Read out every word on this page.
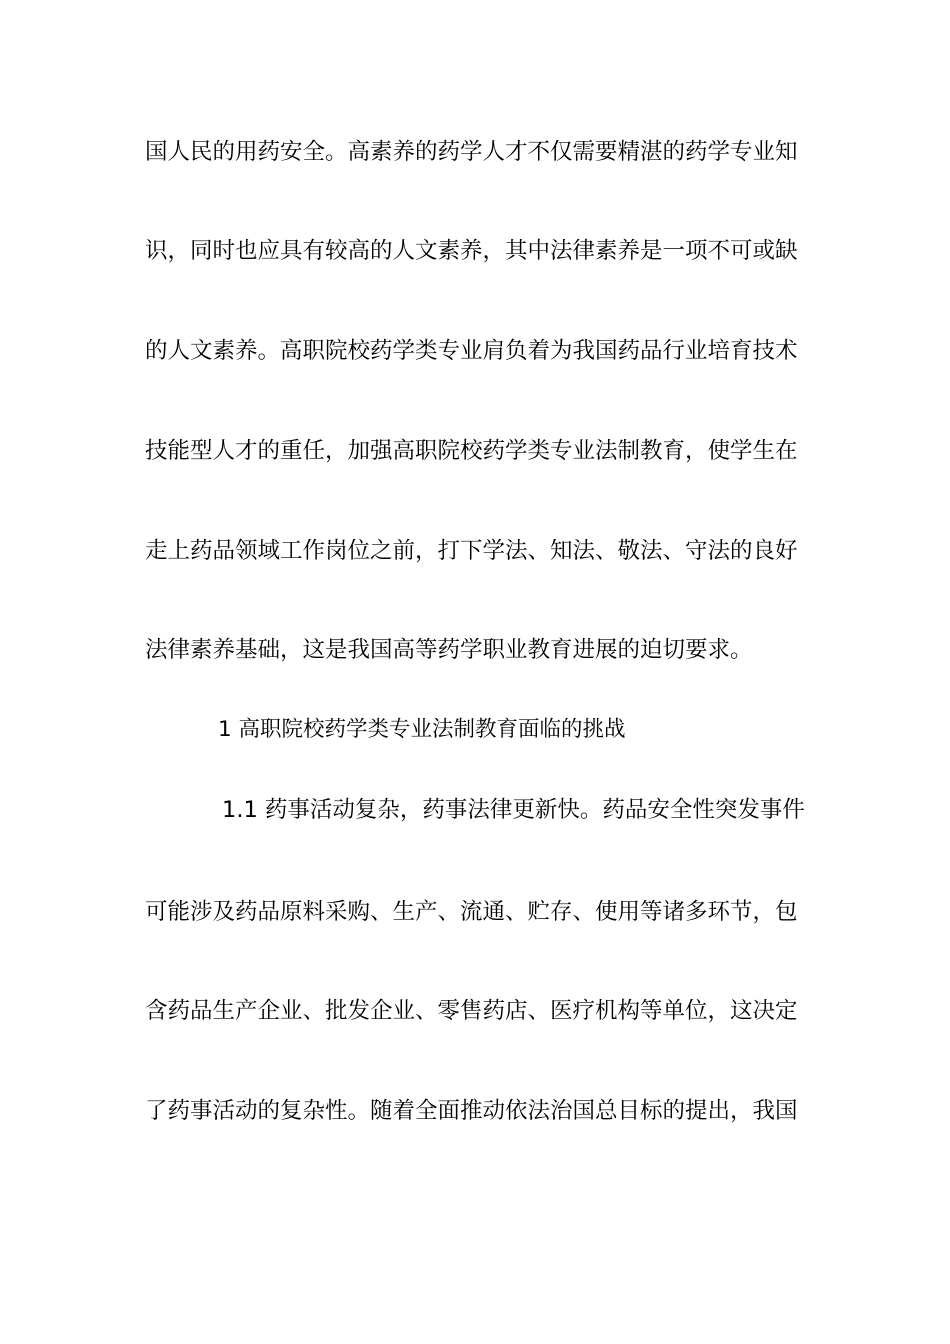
国人民的用药安全。高素养的药学人才不仅需要精湛的药学专业知
识，同时也应具有较高的人文素养，其中法律素养是一项不可或缺
的人文素养。高职院校药学类专业肩负着为我国药品行业培育技术
技能型人才的重任，加强高职院校药学类专业法制教育，使学生在
走上药品领域工作岗位之前，打下学法、知法、敬法、守法的良好
法律素养基础，这是我国高等药学职业教育进展的迫切要求。
1 高职院校药学类专业法制教育面临的挑战
1.1 药事活动复杂，药事法律更新快。药品安全性突发事件
可能涉及药品原料采购、生产、流通、贮存、使用等诸多环节，包
含药品生产企业、批发企业、零售药店、医疗机构等单位，这决定
了药事活动的复杂性。随着全面推动依法治国总目标的提出，我国
